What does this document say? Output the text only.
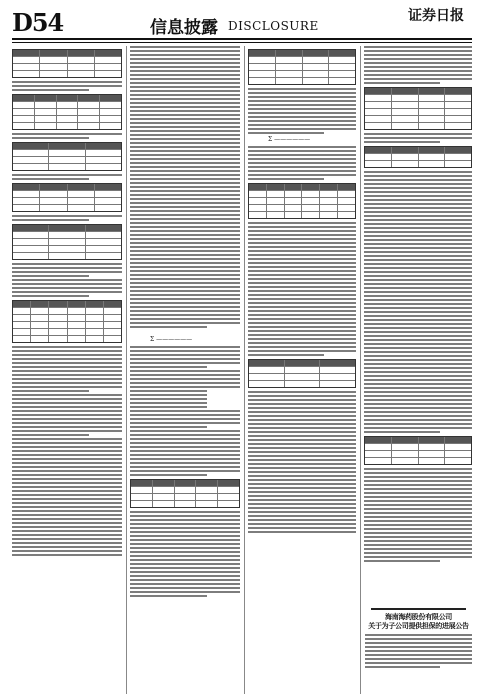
D54	信息披露 DISCLOSURE
证券日报
Σ ——————
Σ ——————
海南海药股份有限公司
关于为子公司提供担保的进展公告
